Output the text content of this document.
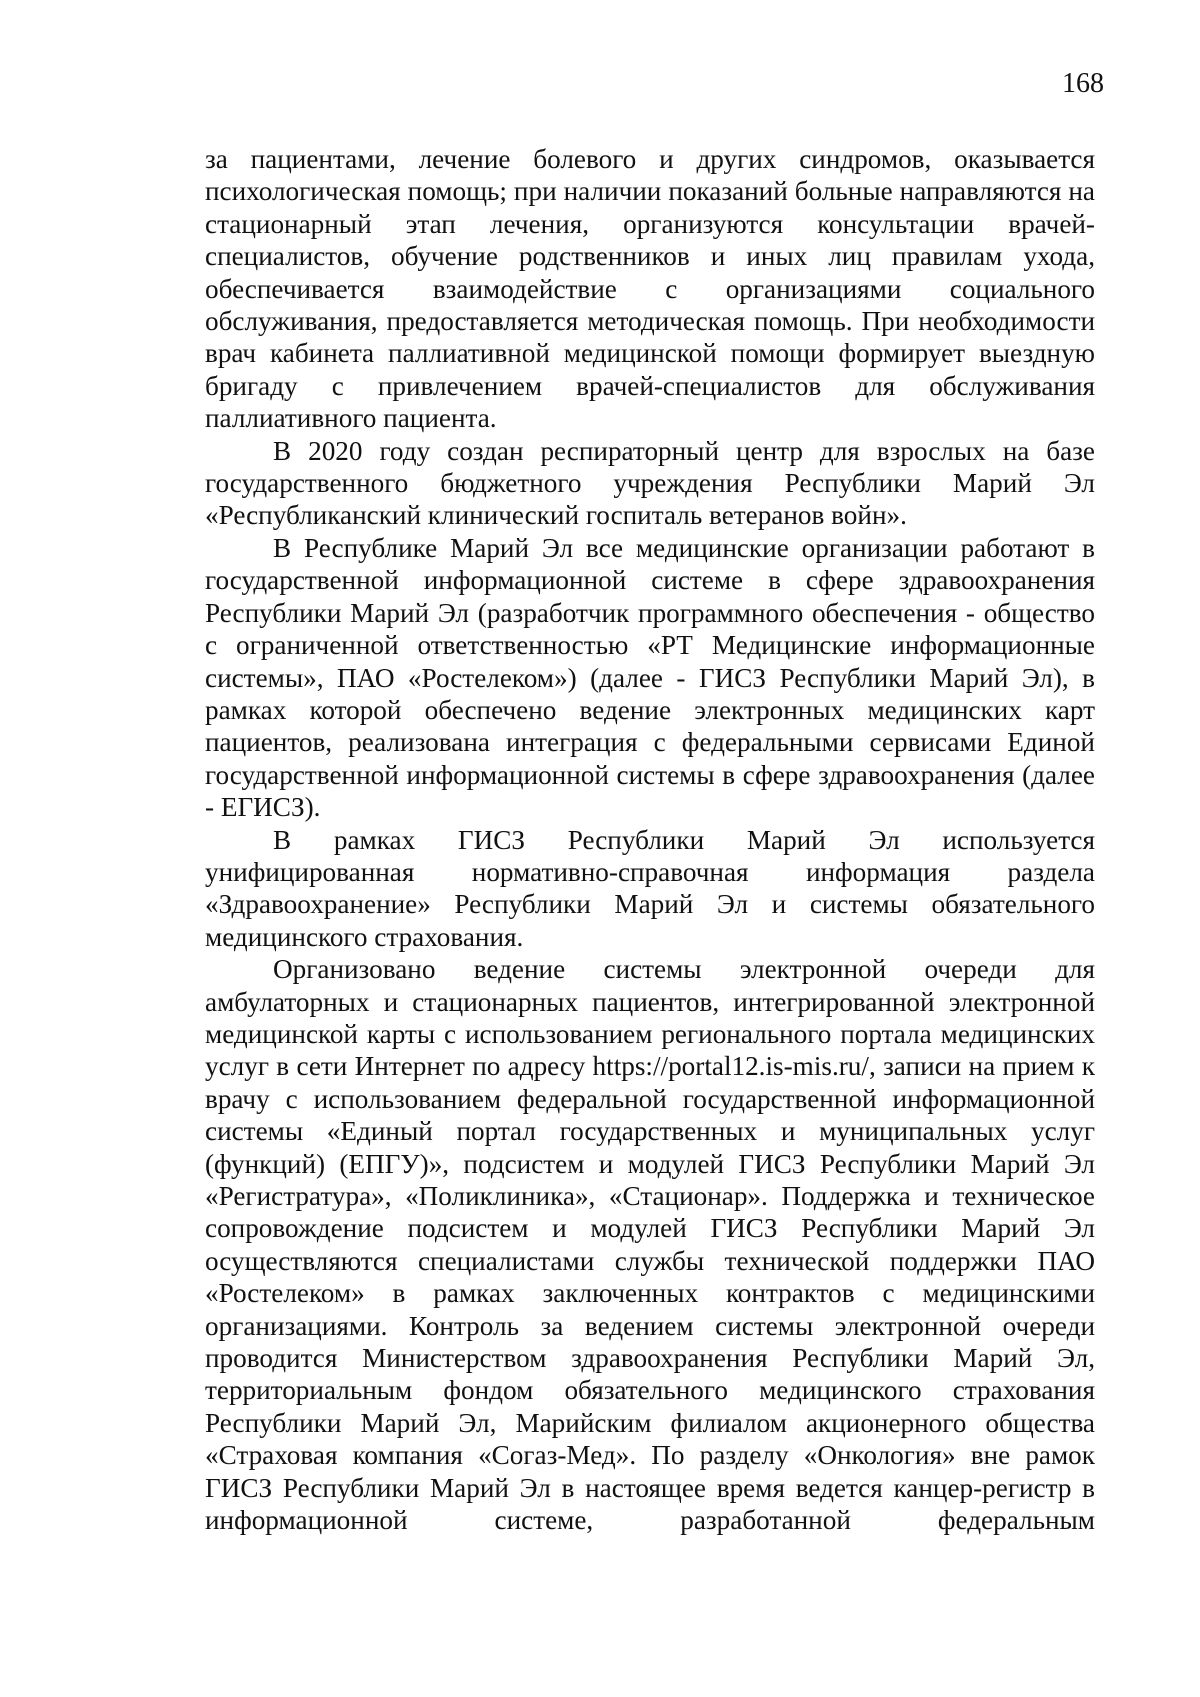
168

за пациентами, лечение болевого и других синдромов, оказывается психологическая помощь; при наличии показаний больные направляются на стационарный этап лечения, организуются консультации врачей-специалистов, обучение родственников и иных лиц правилам ухода, обеспечивается взаимодействие с организациями социального обслуживания, предоставляется методическая помощь. При необходимости врач кабинета паллиативной медицинской помощи формирует выездную бригаду с привлечением врачей-специалистов для обслуживания паллиативного пациента.

В 2020 году создан респираторный центр для взрослых на базе государственного бюджетного учреждения Республики Марий Эл «Республиканский клинический госпиталь ветеранов войн».

В Республике Марий Эл все медицинские организации работают в государственной информационной системе в сфере здравоохранения Республики Марий Эл (разработчик программного обеспечения - общество с ограниченной ответственностью «РТ Медицинские информационные системы», ПАО «Ростелеком») (далее - ГИСЗ Республики Марий Эл), в рамках которой обеспечено ведение электронных медицинских карт пациентов, реализована интеграция с федеральными сервисами Единой государственной информационной системы в сфере здравоохранения (далее - ЕГИСЗ).

В рамках ГИСЗ Республики Марий Эл используется унифицированная нормативно-справочная информация раздела «Здравоохранение» Республики Марий Эл и системы обязательного медицинского страхования.

Организовано ведение системы электронной очереди для амбулаторных и стационарных пациентов, интегрированной электронной медицинской карты с использованием регионального портала медицинских услуг в сети Интернет по адресу https://portal12.is-mis.ru/, записи на прием к врачу с использованием федеральной государственной информационной системы «Единый портал государственных и муниципальных услуг (функций) (ЕПГУ)», подсистем и модулей ГИСЗ Республики Марий Эл «Регистратура», «Поликлиника», «Стационар». Поддержка и техническое сопровождение подсистем и модулей ГИСЗ Республики Марий Эл осуществляются специалистами службы технической поддержки ПАО «Ростелеком» в рамках заключенных контрактов с медицинскими организациями. Контроль за ведением системы электронной очереди проводится Министерством здравоохранения Республики Марий Эл, территориальным фондом обязательного медицинского страхования Республики Марий Эл, Марийским филиалом акционерного общества «Страховая компания «Согаз-Мед». По разделу «Онкология» вне рамок ГИСЗ Республики Марий Эл в настоящее время ведется канцер-регистр в информационной системе, разработанной федеральным
